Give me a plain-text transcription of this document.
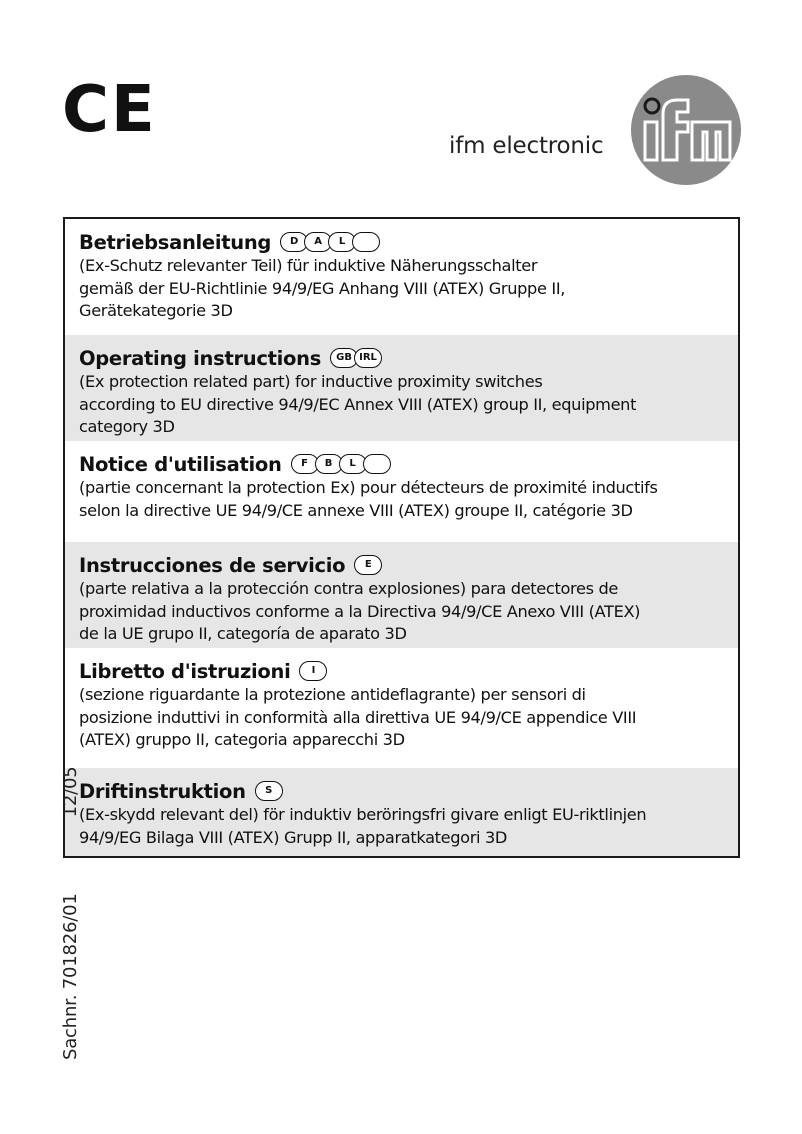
CE	ifm electronic
ifm
Betriebsanleitung	D	A	L
(Ex-Schutz relevanter Teil) für induktive Näherungsschalter
gemäß der EU-Richtlinie 94/9/EG Anhang VIII (ATEX) Gruppe II,
Gerätekategorie 3D
Operating instructions	GB IRL
(Ex protection related part) for inductive proximity switches
according to EU directive 94/9/EC Annex VIII (ATEX) group II, equipment
category 3D
Notice d'utilisation	F	B	L
(partie concernant la protection Ex) pour détecteurs de proximité inductifs
selon la directive UE 94/9/CE annexe VIII (ATEX) groupe II, catégorie 3D
Instrucciones de servicio	E
(parte relativa a la protección contra explosiones) para detectores de
proximidad inductivos conforme a la Directiva 94/9/CE Anexo VIII (ATEX)
de la UE grupo II, categoría de aparato 3D
Libretto d'istruzioni	I
(sezione riguardante la protezione antideflagrante) per sensori di
posizione induttivi in conformità alla direttiva UE 94/9/CE appendice VIII
(ATEX) gruppo II, categoria apparecchi 3D
Driftinstruktion	S
(Ex-skydd relevant del) för induktiv beröringsfri givare enligt EU-riktlinjen
94/9/EG Bilaga VIII (ATEX) Grupp II, apparatkategori 3D
Sachnr. 701826/0112/05
